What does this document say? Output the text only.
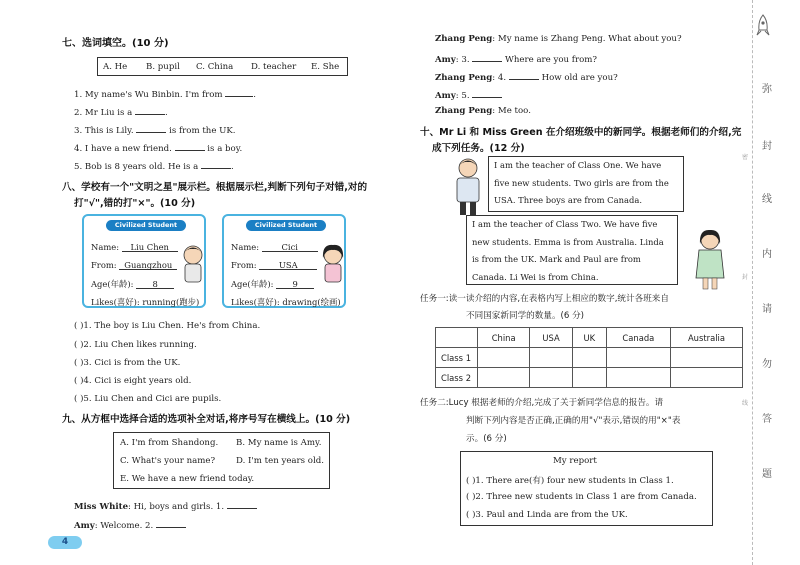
七、选词填空。(10 分)
A. He B. pupil C. China D. teacher E. She
1. My name's Wu Binbin. I'm from	.
2. Mr Liu is a	.
3. This is Lily.	is from the UK.
4. I have a new friend.	is a boy.
5. Bob is 8 years old. He is a	.
八、学校有一个"文明之星"展示栏。根据展示栏,判断下列句子对错,对的
打"√",错的打"×"。(10 分)
Civilized Student
Name: Liu Chen
From: Guangzhou
Age(年龄): 8
Likes(喜好): running(跑步)
Civilized Student
Name:	Cici
From:	USA
Age(年龄): 9
Likes(喜好): drawing(绘画)
( )1. The boy is Liu Chen. He's from China.
( )2. Liu Chen likes running.
( )3. Cici is from the UK.
( )4. Cici is eight years old.
( )5. Liu Chen and Cici are pupils.
九、从方框中选择合适的选项补全对话,将序号写在横线上。(10 分)
A. I'm from Shandong. B. My name is Amy.
C. What's your name? D. I'm ten years old.
E. We have a new friend today.
Miss White: Hi, boys and girls. 1.
Amy: Welcome. 2.
4
Zhang Peng: My name is Zhang Peng. What about you?
Amy: 3.	Where are you from?
Zhang Peng: 4.	How old are you?
Amy: 5.
Zhang Peng: Me too.
十、Mr Li 和 Miss Green 在介绍班级中的新同学。根据老师们的介绍,完
成下列任务。(12 分)
I am the teacher of Class One. We have five new students. Two girls are from the USA. Three boys are from Canada.
I am the teacher of Class Two. We have five new students. Emma is from Australia. Linda is from the UK. Mark and Paul are from Canada. Li Wei is from China.
任务一:读一读介绍的内容,在表格内写上相应的数字,统计各班来自
不同国家新同学的数量。(6 分)
	China	USA	UK	Canada	Australia
Class 1					
Class 2					
任务二:Lucy 根据老师的介绍,完成了关于新同学信息的报告。请
判断下列内容是否正确,正确的用"√"表示,错误的用"×"表
示。(6 分)
My report
( )1. There are(有) four new students in Class 1.
( )2. Three new students in Class 1 are from Canada.
( )3. Paul and Linda are from the UK.
弥
封
线
内
请
勿
答
题
密
封
线
